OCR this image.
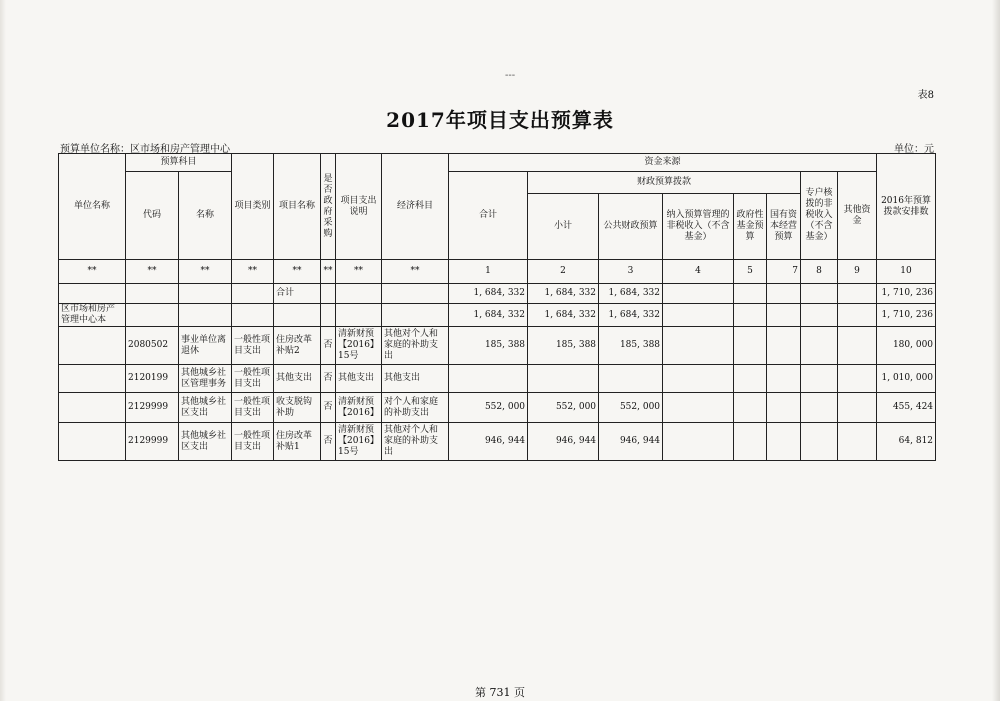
---
表8
2017年项目支出预算表
预算单位名称：区市场和房产管理中心	单位：元
单位名称	预算科目		项目类别	项目名称	是否政府采购	项目支出说明	经济科目	资金来源								2016年预算拨款安排数
	代码	名称						合计	财政预算拨款					专户核拨的非税收入（不含基金）	其他资金	
									小计	公共财政预算	纳入预算管理的非税收入（不含基金）	政府性基金预算	国有资本经营预算			
**	**	**	**	**	**	**	**	1	2	3	4	5	7	8	9	10
				合计				1, 684, 332	1, 684, 332	1, 684, 332						1, 710, 236
区市场和房产管理中心本								1, 684, 332	1, 684, 332	1, 684, 332						1, 710, 236
	2080502	事业单位离退休	一般性项目支出	住房改革补贴2	否	清新财预【2016】15号	其他对个人和家庭的补助支出	185, 388	185, 388	185, 388						180, 000
	2120199	其他城乡社区管理事务	一般性项目支出	其他支出	否	其他支出	其他支出									1, 010, 000
	2129999	其他城乡社区支出	一般性项目支出	收支脱钩补助	否	清新财预【2016】	对个人和家庭的补助支出	552, 000	552, 000	552, 000						455, 424
	2129999	其他城乡社区支出	一般性项目支出	住房改革补贴1	否	清新财预【2016】15号	其他对个人和家庭的补助支出	946, 944	946, 944	946, 944						64, 812
第 731 页
